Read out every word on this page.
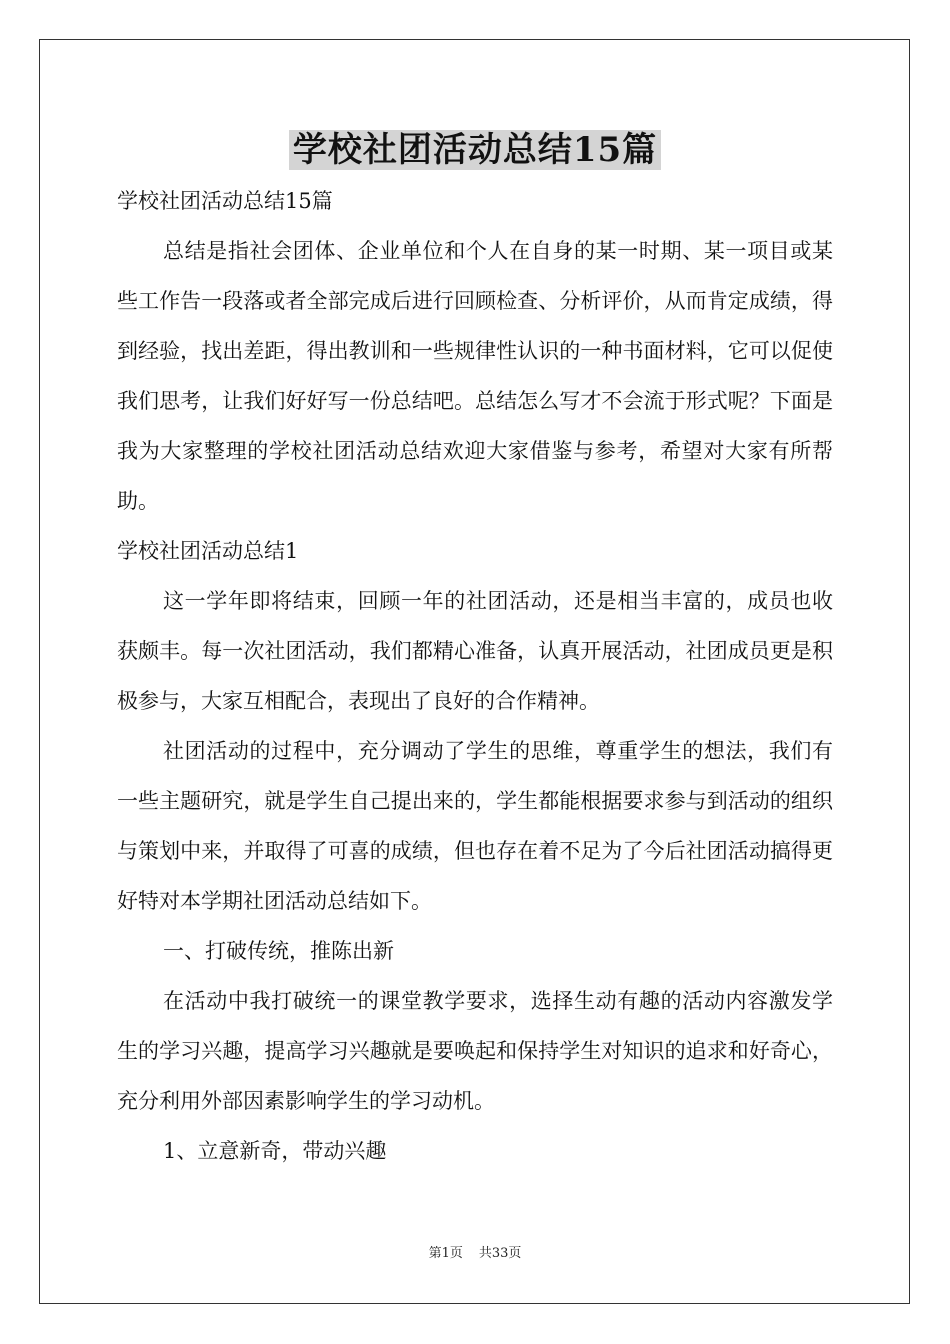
学校社团活动总结15篇

学校社团活动总结15篇

总结是指社会团体、企业单位和个人在自身的某一时期、某一项目或某些工作告一段落或者全部完成后进行回顾检查、分析评价，从而肯定成绩，得到经验，找出差距，得出教训和一些规律性认识的一种书面材料，它可以促使我们思考，让我们好好写一份总结吧。总结怎么写才不会流于形式呢？下面是我为大家整理的学校社团活动总结欢迎大家借鉴与参考，希望对大家有所帮助。

学校社团活动总结1

这一学年即将结束，回顾一年的社团活动，还是相当丰富的，成员也收获颇丰。每一次社团活动，我们都精心准备，认真开展活动，社团成员更是积极参与，大家互相配合，表现出了良好的合作精神。

社团活动的过程中，充分调动了学生的思维，尊重学生的想法，我们有一些主题研究，就是学生自己提出来的，学生都能根据要求参与到活动的组织与策划中来，并取得了可喜的成绩，但也存在着不足为了今后社团活动搞得更好特对本学期社团活动总结如下。

一、打破传统，推陈出新

在活动中我打破统一的课堂教学要求，选择生动有趣的活动内容激发学生的学习兴趣，提高学习兴趣就是要唤起和保持学生对知识的追求和好奇心，充分利用外部因素影响学生的学习动机。

1、立意新奇，带动兴趣

第1页 共33页
